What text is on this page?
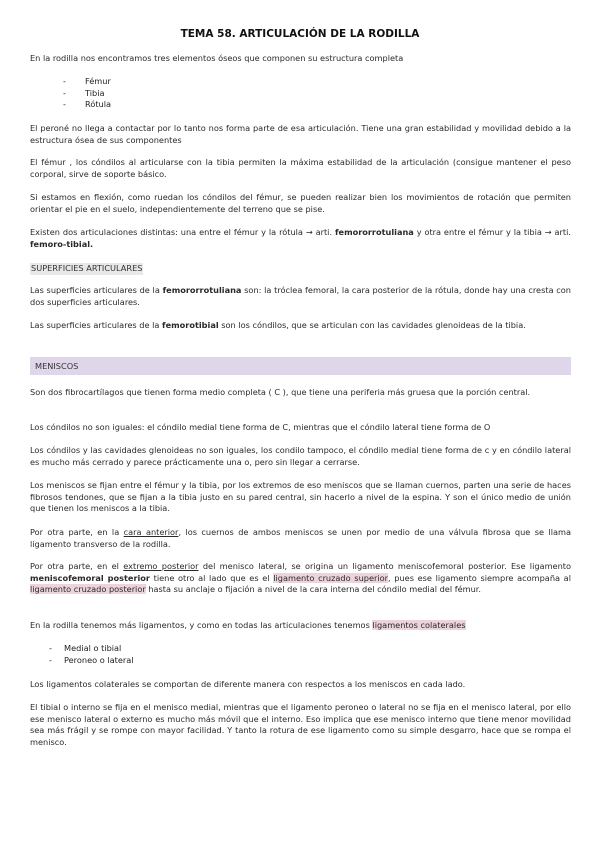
TEMA 58. ARTICULACIÓN DE LA RODILLA

En la rodilla nos encontramos tres elementos óseos que componen su estructura completa

- Fémur
- Tibia
- Rótula

El peroné no llega a contactar por lo tanto nos forma parte de esa articulación. Tiene una gran estabilidad y movilidad debido a la estructura ósea de sus componentes

El fémur , los cóndilos al articularse con la tibia permiten la máxima estabilidad de la articulación (consigue mantener el peso corporal, sirve de soporte básico.

Si estamos en flexión, como ruedan los cóndilos del fémur, se pueden realizar bien los movimientos de rotación que permiten orientar el pie en el suelo, independientemente del terreno que se pise.

Existen dos articulaciones distintas: una entre el fémur y la rótula → arti. femororrotuliana y otra entre el fémur y la tibia → arti. femoro-tibial.

SUPERFICIES ARTICULARES

Las superficies articulares de la femororrotuliana son: la tróclea femoral, la cara posterior de la rótula, donde hay una cresta con dos superficies articulares.

Las superficies articulares de la femorotibial son los cóndilos, que se articulan con las cavidades glenoideas de la tibia.

MENISCOS

Son dos fibrocartílagos que tienen forma medio completa ( C ), que tiene una periferia más gruesa que la porción central.

Los cóndilos no son iguales: el cóndilo medial tiene forma de C, mientras que el cóndilo lateral tiene forma de O

Los cóndilos y las cavidades glenoideas no son iguales, los condilo tampoco, el cóndilo medial tiene forma de c y en cóndilo lateral es mucho más cerrado y parece prácticamente una o, pero sin llegar a cerrarse.

Los meniscos se fijan entre el fémur y la tibia, por los extremos de eso meniscos que se llaman cuernos, parten una serie de haces fibrosos tendones, que se fijan a la tibia justo en su pared central, sin hacerlo a nivel de la espina. Y son el único medio de unión que tienen los meniscos a la tibia.

Por otra parte, en la cara anterior, los cuernos de ambos meniscos se unen por medio de una válvula fibrosa que se llama ligamento transverso de la rodilla.

Por otra parte, en el extremo posterior del menisco lateral, se origina un ligamento meniscofemoral posterior. Ese ligamento meniscofemoral posterior tiene otro al lado que es el ligamento cruzado superior, pues ese ligamento siempre acompaña al ligamento cruzado posterior hasta su anclaje o fijación a nivel de la cara interna del cóndilo medial del fémur.

En la rodilla tenemos más ligamentos, y como en todas las articulaciones tenemos ligamentos colaterales

- Medial o tibial
- Peroneo o lateral

Los ligamentos colaterales se comportan de diferente manera con respectos a los meniscos en cada lado.

El tibial o interno se fija en el menisco medial, mientras que el ligamento peroneo o lateral no se fija en el menisco lateral, por ello ese menisco lateral o externo es mucho más móvil que el interno. Eso implica que ese menisco interno que tiene menor movilidad sea más frágil y se rompe con mayor facilidad. Y tanto la rotura de ese ligamento como su simple desgarro, hace que se rompa el menisco.
